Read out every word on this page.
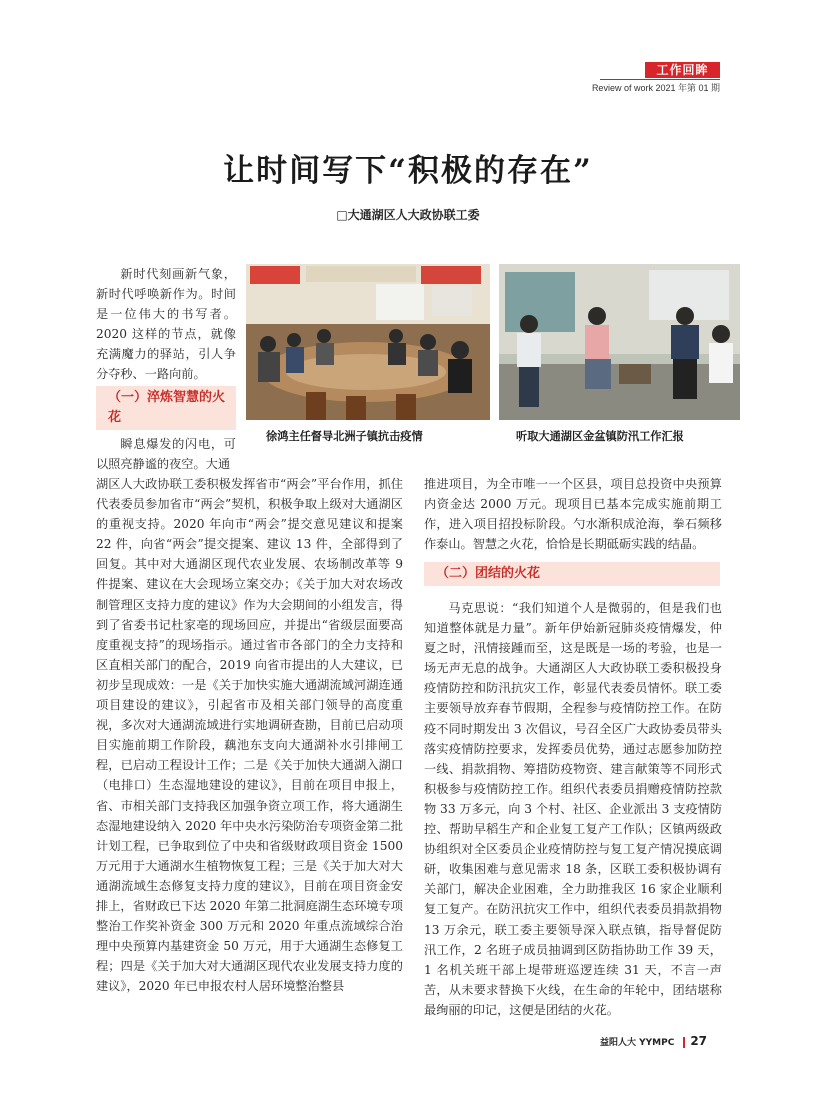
工作回眸
Review of work 2021 年第 01 期
让时间写下“积极的存在”
□大通湖区人大政协联工委
新时代刻画新气象，新时代呼唤新作为。时间是一位伟大的书写者。2020 这样的节点，就像充满魔力的驿站，引人争分夺秒、一路向前。
（一）淬炼智慧的火花
瞬息爆发的闪电，可以照亮静谧的夜空。大通
徐鸿主任督导北洲子镇抗击疫情	听取大通湖区金盆镇防汛工作汇报
湖区人大政协联工委积极发挥省市“两会”平台作用，抓住代表委员参加省市“两会”契机，积极争取上级对大通湖区的重视支持。2020 年向市“两会”提交意见建议和提案 22 件，向省“两会”提交提案、建议 13 件，全部得到了回复。其中对大通湖区现代农业发展、农场制改革等 9 件提案、建议在大会现场立案交办；《关于加大对农场改制管理区支持力度的建议》作为大会期间的小组发言，得到了省委书记杜家亳的现场回应，并提出“省级层面要高度重视支持”的现场指示。通过省市各部门的全力支持和区直相关部门的配合，2019 向省市提出的人大建议，已初步呈现成效：一是《关于加快实施大通湖流域河湖连通项目建设的建议》，引起省市及相关部门领导的高度重视，多次对大通湖流域进行实地调研查勘，目前已启动项目实施前期工作阶段，藕池东支向大通湖补水引排闸工程，已启动工程设计工作；二是《关于加快大通湖入湖口（电排口）生态湿地建设的建议》，目前在项目申报上，省、市相关部门支持我区加强争资立项工作，将大通湖生态湿地建设纳入 2020 年中央水污染防治专项资金第二批计划工程，已争取到位了中央和省级财政项目资金 1500 万元用于大通湖水生植物恢复工程；三是《关于加大对大通湖流域生态修复支持力度的建议》，目前在项目资金安排上，省财政已下达 2020 年第二批洞庭湖生态环境专项整治工作奖补资金 300 万元和 2020 年重点流域综合治理中央预算内基建资金 50 万元，用于大通湖生态修复工程；四是《关于加大对大通湖区现代农业发展支持力度的建议》，2020 年已申报农村人居环境整治整县
推进项目，为全市唯一一个区县，项目总投资中央预算内资金达 2000 万元。现项目已基本完成实施前期工作，进入项目招投标阶段。勺水渐积成沧海，拳石频移作泰山。智慧之火花，恰恰是长期砥砺实践的结晶。
（二）团结的火花
马克思说：“我们知道个人是微弱的，但是我们也知道整体就是力量”。新年伊始新冠肺炎疫情爆发，仲夏之时，汛情接踵而至，这是既是一场的考验，也是一场无声无息的战争。大通湖区人大政协联工委积极投身疫情防控和防汛抗灾工作，彰显代表委员情怀。联工委主要领导放弃春节假期，全程参与疫情防控工作。在防疫不同时期发出 3 次倡议，号召全区广大政协委员带头落实疫情防控要求，发挥委员优势，通过志愿参加防控一线、捐款捐物、筹措防疫物资、建言献策等不同形式积极参与疫情防控工作。组织代表委员捐赠疫情防控款物 33 万多元，向 3 个村、社区、企业派出 3 支疫情防控、帮助早稻生产和企业复工复产工作队；区镇两级政协组织对全区委员企业疫情防控与复工复产情况摸底调研，收集困难与意见需求 18 条，区联工委积极协调有关部门，解决企业困难，全力助推我区 16 家企业顺利复工复产。在防汛抗灾工作中，组织代表委员捐款捐物 13 万余元，联工委主要领导深入联点镇，指导督促防汛工作，2 名班子成员抽调到区防指协助工作 39 天，1 名机关班干部上堤带班巡逻连续 31 天，不言一声苦，从未要求替换下火线，在生命的年轮中，团结堪称最绚丽的印记，这便是团结的火花。
益阳人大 YYMPC 27
